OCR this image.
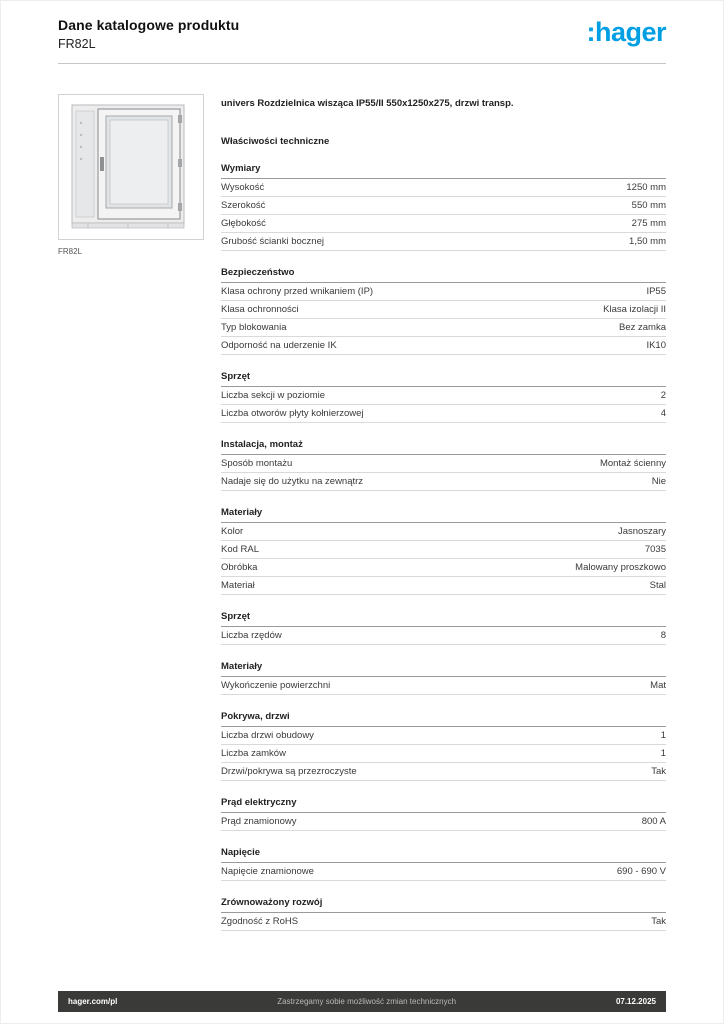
Dane katalogowe produktu
FR82L	:hager
FR82L
univers Rozdzielnica wisząca IP55/II 550x1250x275, drzwi transp.
Właściwości techniczne
Wymiary
Wysokość	1250 mm
Szerokość	550 mm
Głębokość	275 mm
Grubość ścianki bocznej	1,50 mm
Bezpieczeństwo
Klasa ochrony przed wnikaniem (IP)	IP55
Klasa ochronności	Klasa izolacji II
Typ blokowania	Bez zamka
Odporność na uderzenie IK	IK10
Sprzęt
Liczba sekcji w poziomie	2
Liczba otworów płyty kołnierzowej	4
Instalacja, montaż
Sposób montażu	Montaż ścienny
Nadaje się do użytku na zewnątrz	Nie
Materiały
Kolor	Jasnoszary
Kod RAL	7035
Obróbka	Malowany proszkowo
Materiał	Stal
Sprzęt
Liczba rzędów	8
Materiały
Wykończenie powierzchni	Mat
Pokrywa, drzwi
Liczba drzwi obudowy	1
Liczba zamków	1
Drzwi/pokrywa są przezroczyste	Tak
Prąd elektryczny
Prąd znamionowy	800 A
Napięcie
Napięcie znamionowe	690 - 690 V
Zrównoważony rozwój
Zgodność z RoHS	Tak
hager.com/pl	Zastrzegamy sobie możliwość zmian technicznych	07.12.2025
